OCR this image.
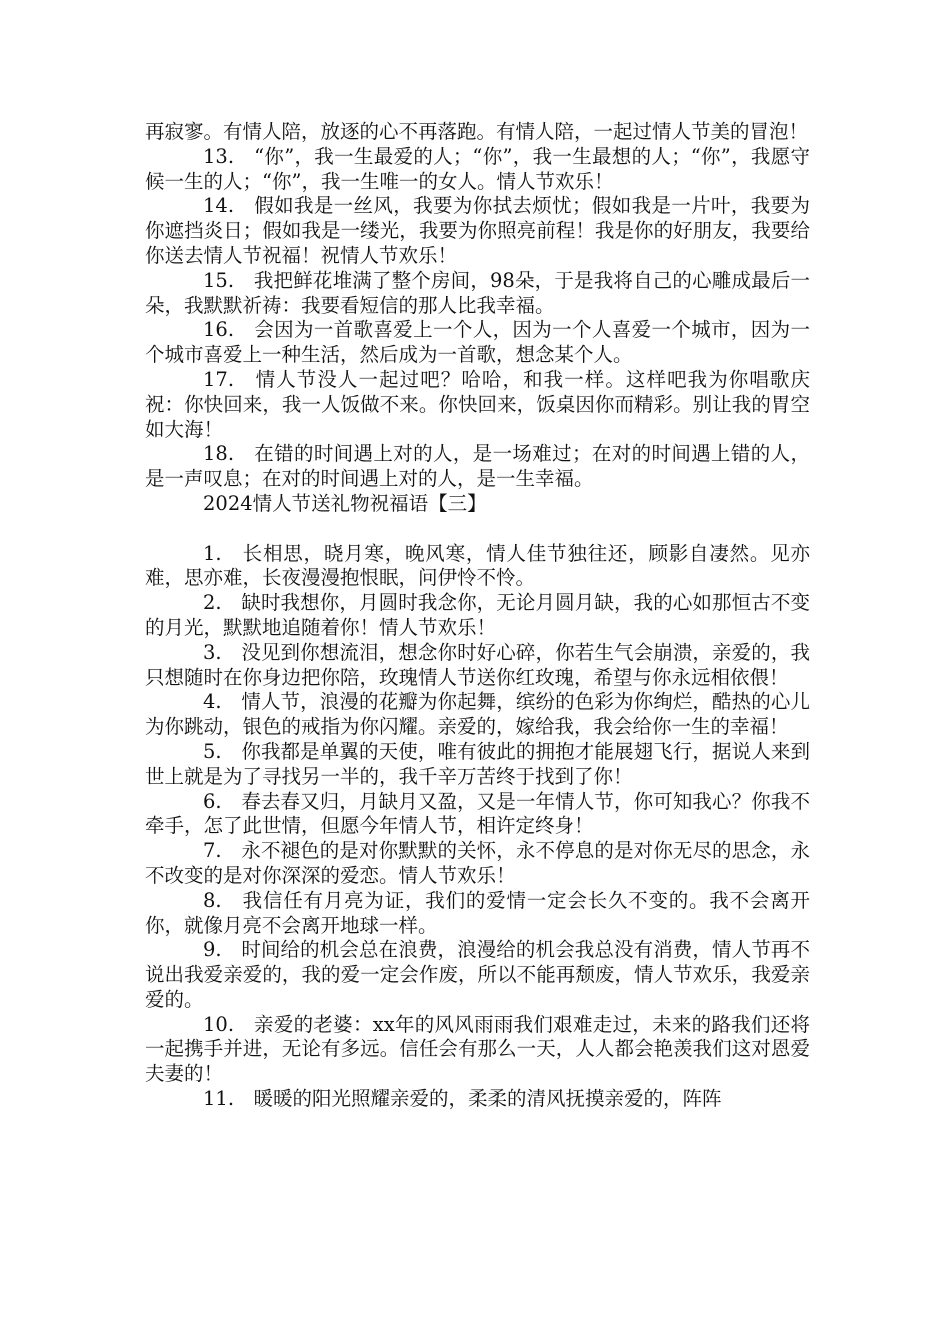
再寂寥。有情人陪，放逐的心不再落跑。有情人陪，一起过情人节美的冒泡！

13.　“你”，我一生最爱的人；“你”，我一生最想的人；“你”，我愿守候一生的人；“你”，我一生唯一的女人。情人节欢乐！

14.　假如我是一丝风，我要为你拭去烦忧；假如我是一片叶，我要为你遮挡炎日；假如我是一缕光，我要为你照亮前程！我是你的好朋友，我要给你送去情人节祝福！祝情人节欢乐！

15.　我把鲜花堆满了整个房间，98朵，于是我将自己的心雕成最后一朵，我默默祈祷：我要看短信的那人比我幸福。

16.　会因为一首歌喜爱上一个人，因为一个人喜爱一个城市，因为一个城市喜爱上一种生活，然后成为一首歌，想念某个人。

17.　情人节没人一起过吧？哈哈，和我一样。这样吧我为你唱歌庆祝：你快回来，我一人饭做不来。你快回来，饭桌因你而精彩。别让我的胃空如大海！

18.　在错的时间遇上对的人，是一场难过；在对的时间遇上错的人，是一声叹息；在对的时间遇上对的人，是一生幸福。

2024情人节送礼物祝福语【三】

1.　长相思，晓月寒，晚风寒，情人佳节独往还，顾影自凄然。见亦难，思亦难，长夜漫漫抱恨眠，问伊怜不怜。

2.　缺时我想你，月圆时我念你，无论月圆月缺，我的心如那恒古不变的月光，默默地追随着你！情人节欢乐！

3.　没见到你想流泪，想念你时好心碎，你若生气会崩溃，亲爱的，我只想随时在你身边把你陪，玫瑰情人节送你红玫瑰，希望与你永远相依偎！

4.　情人节，浪漫的花瓣为你起舞，缤纷的色彩为你绚烂，酷热的心儿为你跳动，银色的戒指为你闪耀。亲爱的，嫁给我，我会给你一生的幸福！

5.　你我都是单翼的天使，唯有彼此的拥抱才能展翅飞行，据说人来到世上就是为了寻找另一半的，我千辛万苦终于找到了你！

6.　春去春又归，月缺月又盈，又是一年情人节，你可知我心？你我不牵手，怎了此世情，但愿今年情人节，相许定终身！

7.　永不褪色的是对你默默的关怀，永不停息的是对你无尽的思念，永不改变的是对你深深的爱恋。情人节欢乐！

8.　我信任有月亮为证，我们的爱情一定会长久不变的。我不会离开你，就像月亮不会离开地球一样。

9.　时间给的机会总在浪费，浪漫给的机会我总没有消费，情人节再不说出我爱亲爱的，我的爱一定会作废，所以不能再颓废，情人节欢乐，我爱亲爱的。

10.　亲爱的老婆：xx年的风风雨雨我们艰难走过，未来的路我们还将一起携手并进，无论有多远。信任会有那么一天，人人都会艳羡我们这对恩爱夫妻的！

11.　暖暖的阳光照耀亲爱的，柔柔的清风抚摸亲爱的，阵阵
